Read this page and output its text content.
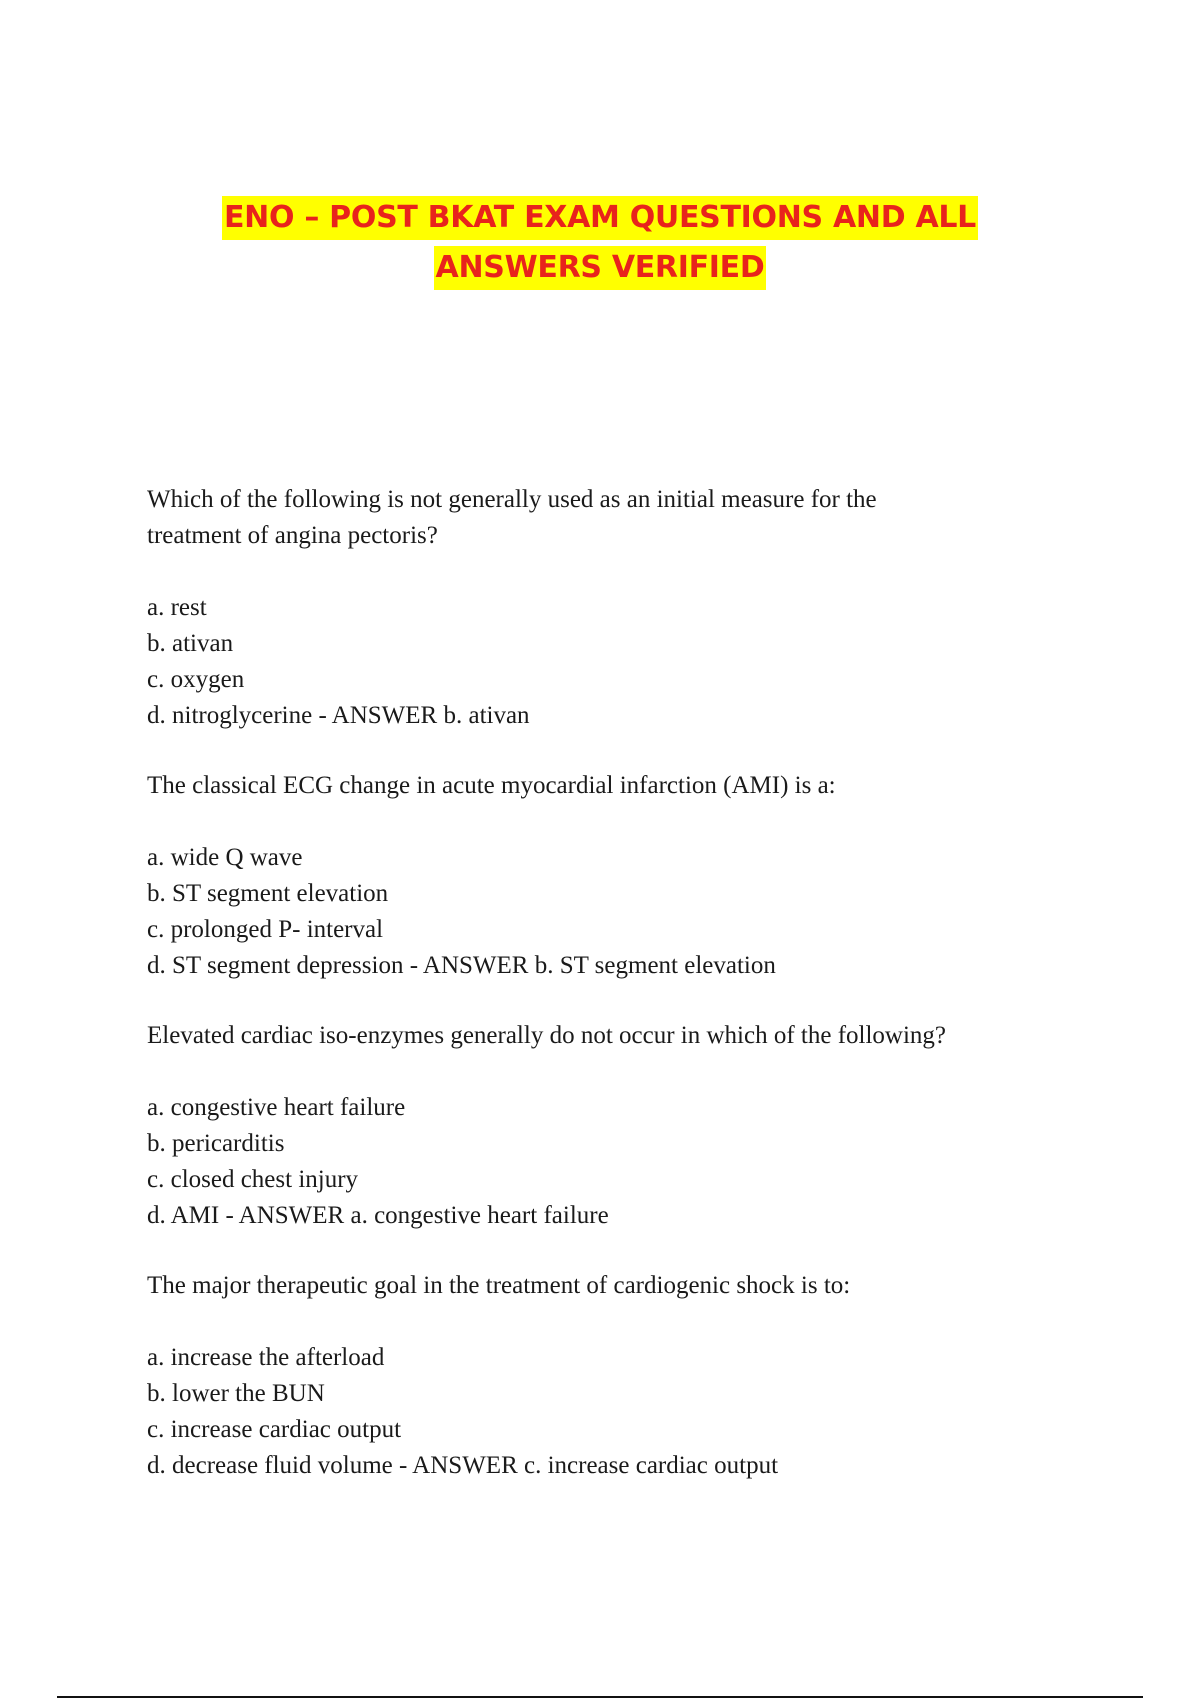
ENO – POST BKAT EXAM QUESTIONS AND ALL
ANSWERS VERIFIED
Which of the following is not generally used as an initial measure for the
treatment of angina pectoris?
a. rest
b. ativan
c. oxygen
d. nitroglycerine - ANSWER b. ativan
The classical ECG change in acute myocardial infarction (AMI) is a:
a. wide Q wave
b. ST segment elevation
c. prolonged P- interval
d. ST segment depression - ANSWER b. ST segment elevation
Elevated cardiac iso-enzymes generally do not occur in which of the following?
a. congestive heart failure
b. pericarditis
c. closed chest injury
d. AMI - ANSWER a. congestive heart failure
The major therapeutic goal in the treatment of cardiogenic shock is to:
a. increase the afterload
b. lower the BUN
c. increase cardiac output
d. decrease fluid volume - ANSWER c. increase cardiac output
